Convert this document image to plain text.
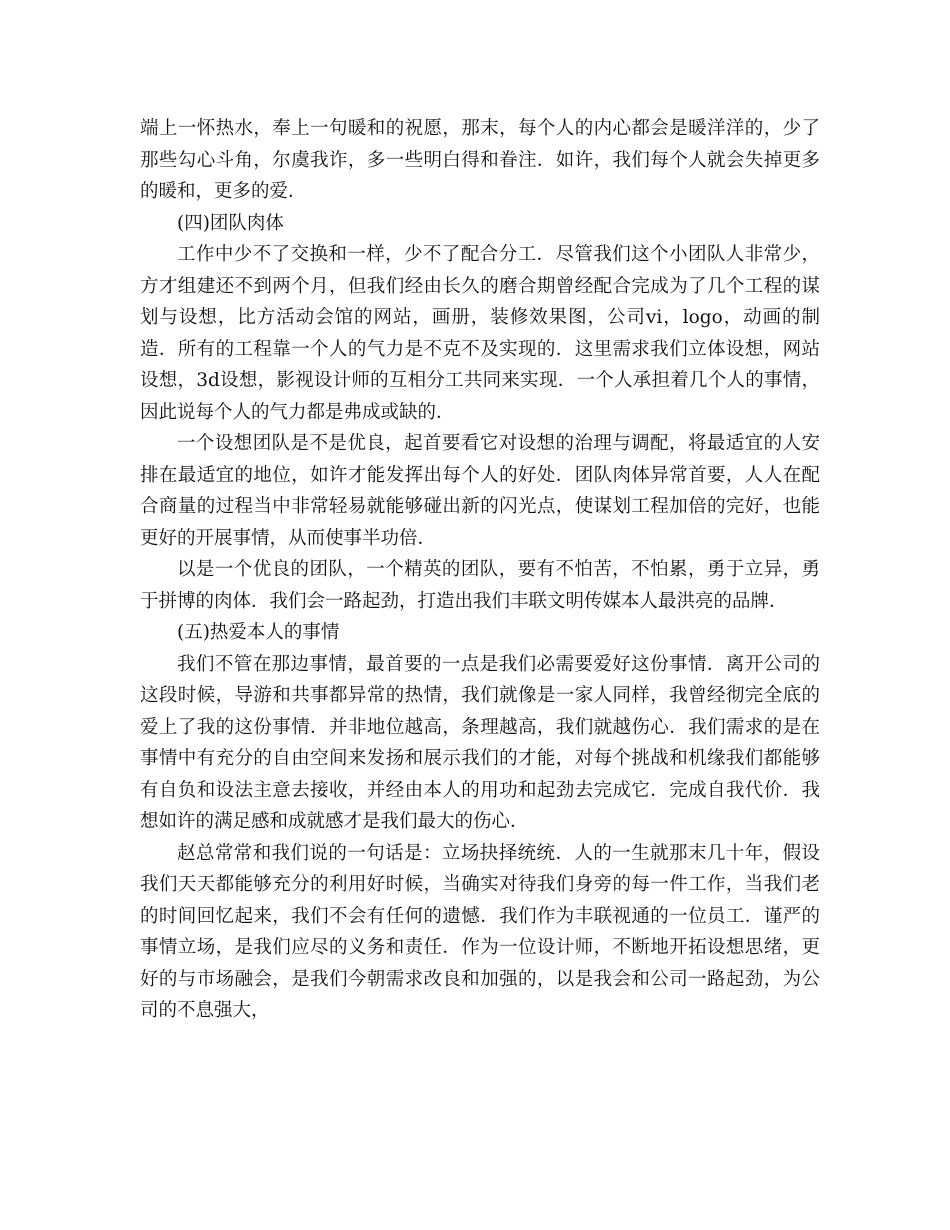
端上一怀热水，奉上一句暖和的祝愿，那末，每个人的内心都会是暖洋洋的，少了那些勾心斗角，尔虞我诈，多一些明白得和眷注．如许，我们每个人就会失掉更多的暖和，更多的爱．

(四)团队肉体

工作中少不了交换和一样，少不了配合分工．尽管我们这个小团队人非常少，方才组建还不到两个月，但我们经由长久的磨合期曾经配合完成为了几个工程的谋划与设想，比方活动会馆的网站，画册，装修效果图，公司vi，logo，动画的制造．所有的工程靠一个人的气力是不克不及实现的．这里需求我们立体设想，网站设想，3d设想，影视设计师的互相分工共同来实现．一个人承担着几个人的事情，因此说每个人的气力都是弗成或缺的．

一个设想团队是不是优良，起首要看它对设想的治理与调配，将最适宜的人安排在最适宜的地位，如许才能发挥出每个人的好处．团队肉体异常首要，人人在配合商量的过程当中非常轻易就能够碰出新的闪光点，使谋划工程加倍的完好，也能更好的开展事情，从而使事半功倍．

以是一个优良的团队，一个精英的团队，要有不怕苦，不怕累，勇于立异，勇于拼博的肉体．我们会一路起劲，打造出我们丰联文明传媒本人最洪亮的品牌．

(五)热爱本人的事情

我们不管在那边事情，最首要的一点是我们必需要爱好这份事情．离开公司的这段时候，导游和共事都异常的热情，我们就像是一家人同样，我曾经彻完全底的爱上了我的这份事情．并非地位越高，条理越高，我们就越伤心．我们需求的是在事情中有充分的自由空间来发扬和展示我们的才能，对每个挑战和机缘我们都能够有自负和设法主意去接收，并经由本人的用功和起劲去完成它．完成自我代价．我想如许的满足感和成就感才是我们最大的伤心．

赵总常常和我们说的一句话是：立场抉择统统．人的一生就那末几十年，假设我们天天都能够充分的利用好时候，当确实对待我们身旁的每一件工作，当我们老的时间回忆起来，我们不会有任何的遗憾．我们作为丰联视通的一位员工．谨严的事情立场，是我们应尽的义务和责任．作为一位设计师，不断地开拓设想思绪，更好的与市场融会，是我们今朝需求改良和加强的，以是我会和公司一路起劲，为公司的不息强大，
